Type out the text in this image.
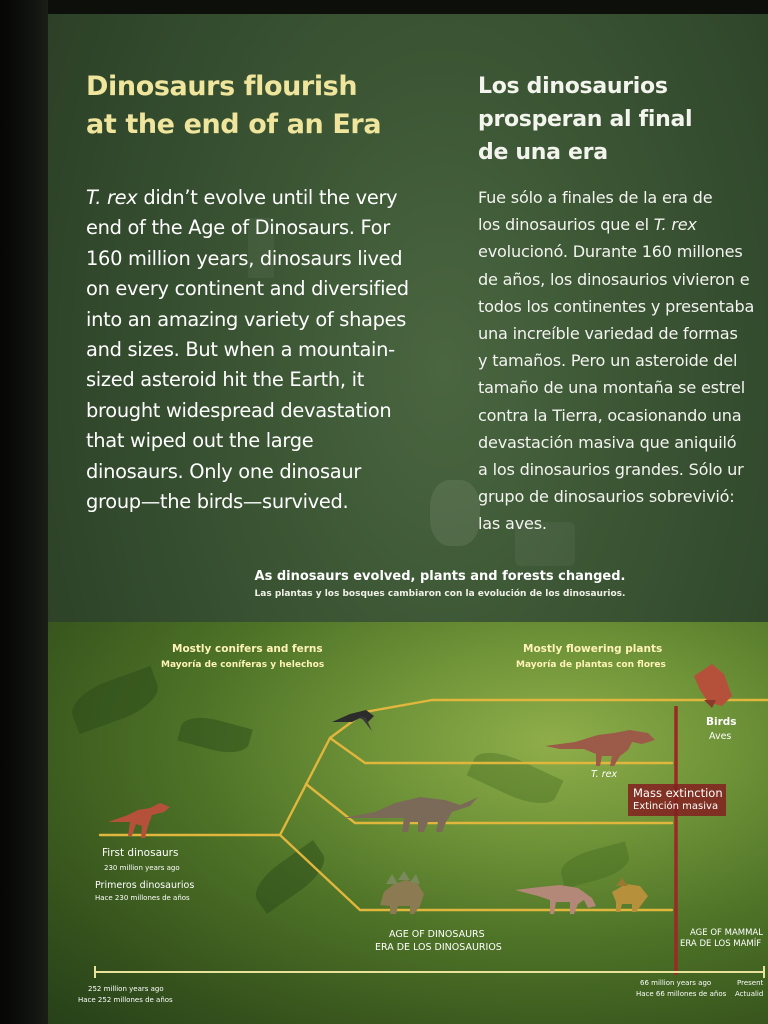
Dinosaurs flourish
at the end of an Era
Los dinosaurios
prosperan al final
de una era
T. rex didn’t evolve until the very
end of the Age of Dinosaurs. For
160 million years, dinosaurs lived
on every continent and diversified
into an amazing variety of shapes
and sizes. But when a mountain-
sized asteroid hit the Earth, it
brought widespread devastation
that wiped out the large
dinosaurs. Only one dinosaur
group—the birds—survived.
Fue sólo a finales de la era de
los dinosaurios que el T. rex
evolucionó. Durante 160 millones
de años, los dinosaurios vivieron e
todos los continentes y presentaba
una increíble variedad de formas
y tamaños. Pero un asteroide del
tamaño de una montaña se estrel
contra la Tierra, ocasionando una
devastación masiva que aniquiló
a los dinosaurios grandes. Sólo ur
grupo de dinosaurios sobrevivió:
las aves.
As dinosaurs evolved, plants and forests changed.
Las plantas y los bosques cambiaron con la evolución de los dinosaurios.
Mostly conifers and ferns
Mayoría de coníferas y helechos
Mostly flowering plants
Mayoría de plantas con flores
Birds
Aves
T. rex
Mass extinction
Extinción masiva
First dinosaurs
230 million years ago
Primeros dinosaurios
Hace 230 millones de años
AGE OF DINOSAURS
ERA DE LOS DINOSAURIOS
AGE OF MAMMAL
ERA DE LOS MAMÍF
252 million years ago
Hace 252 millones de años
66 million years ago
Hace 66 millones de años
Present
Actualid
